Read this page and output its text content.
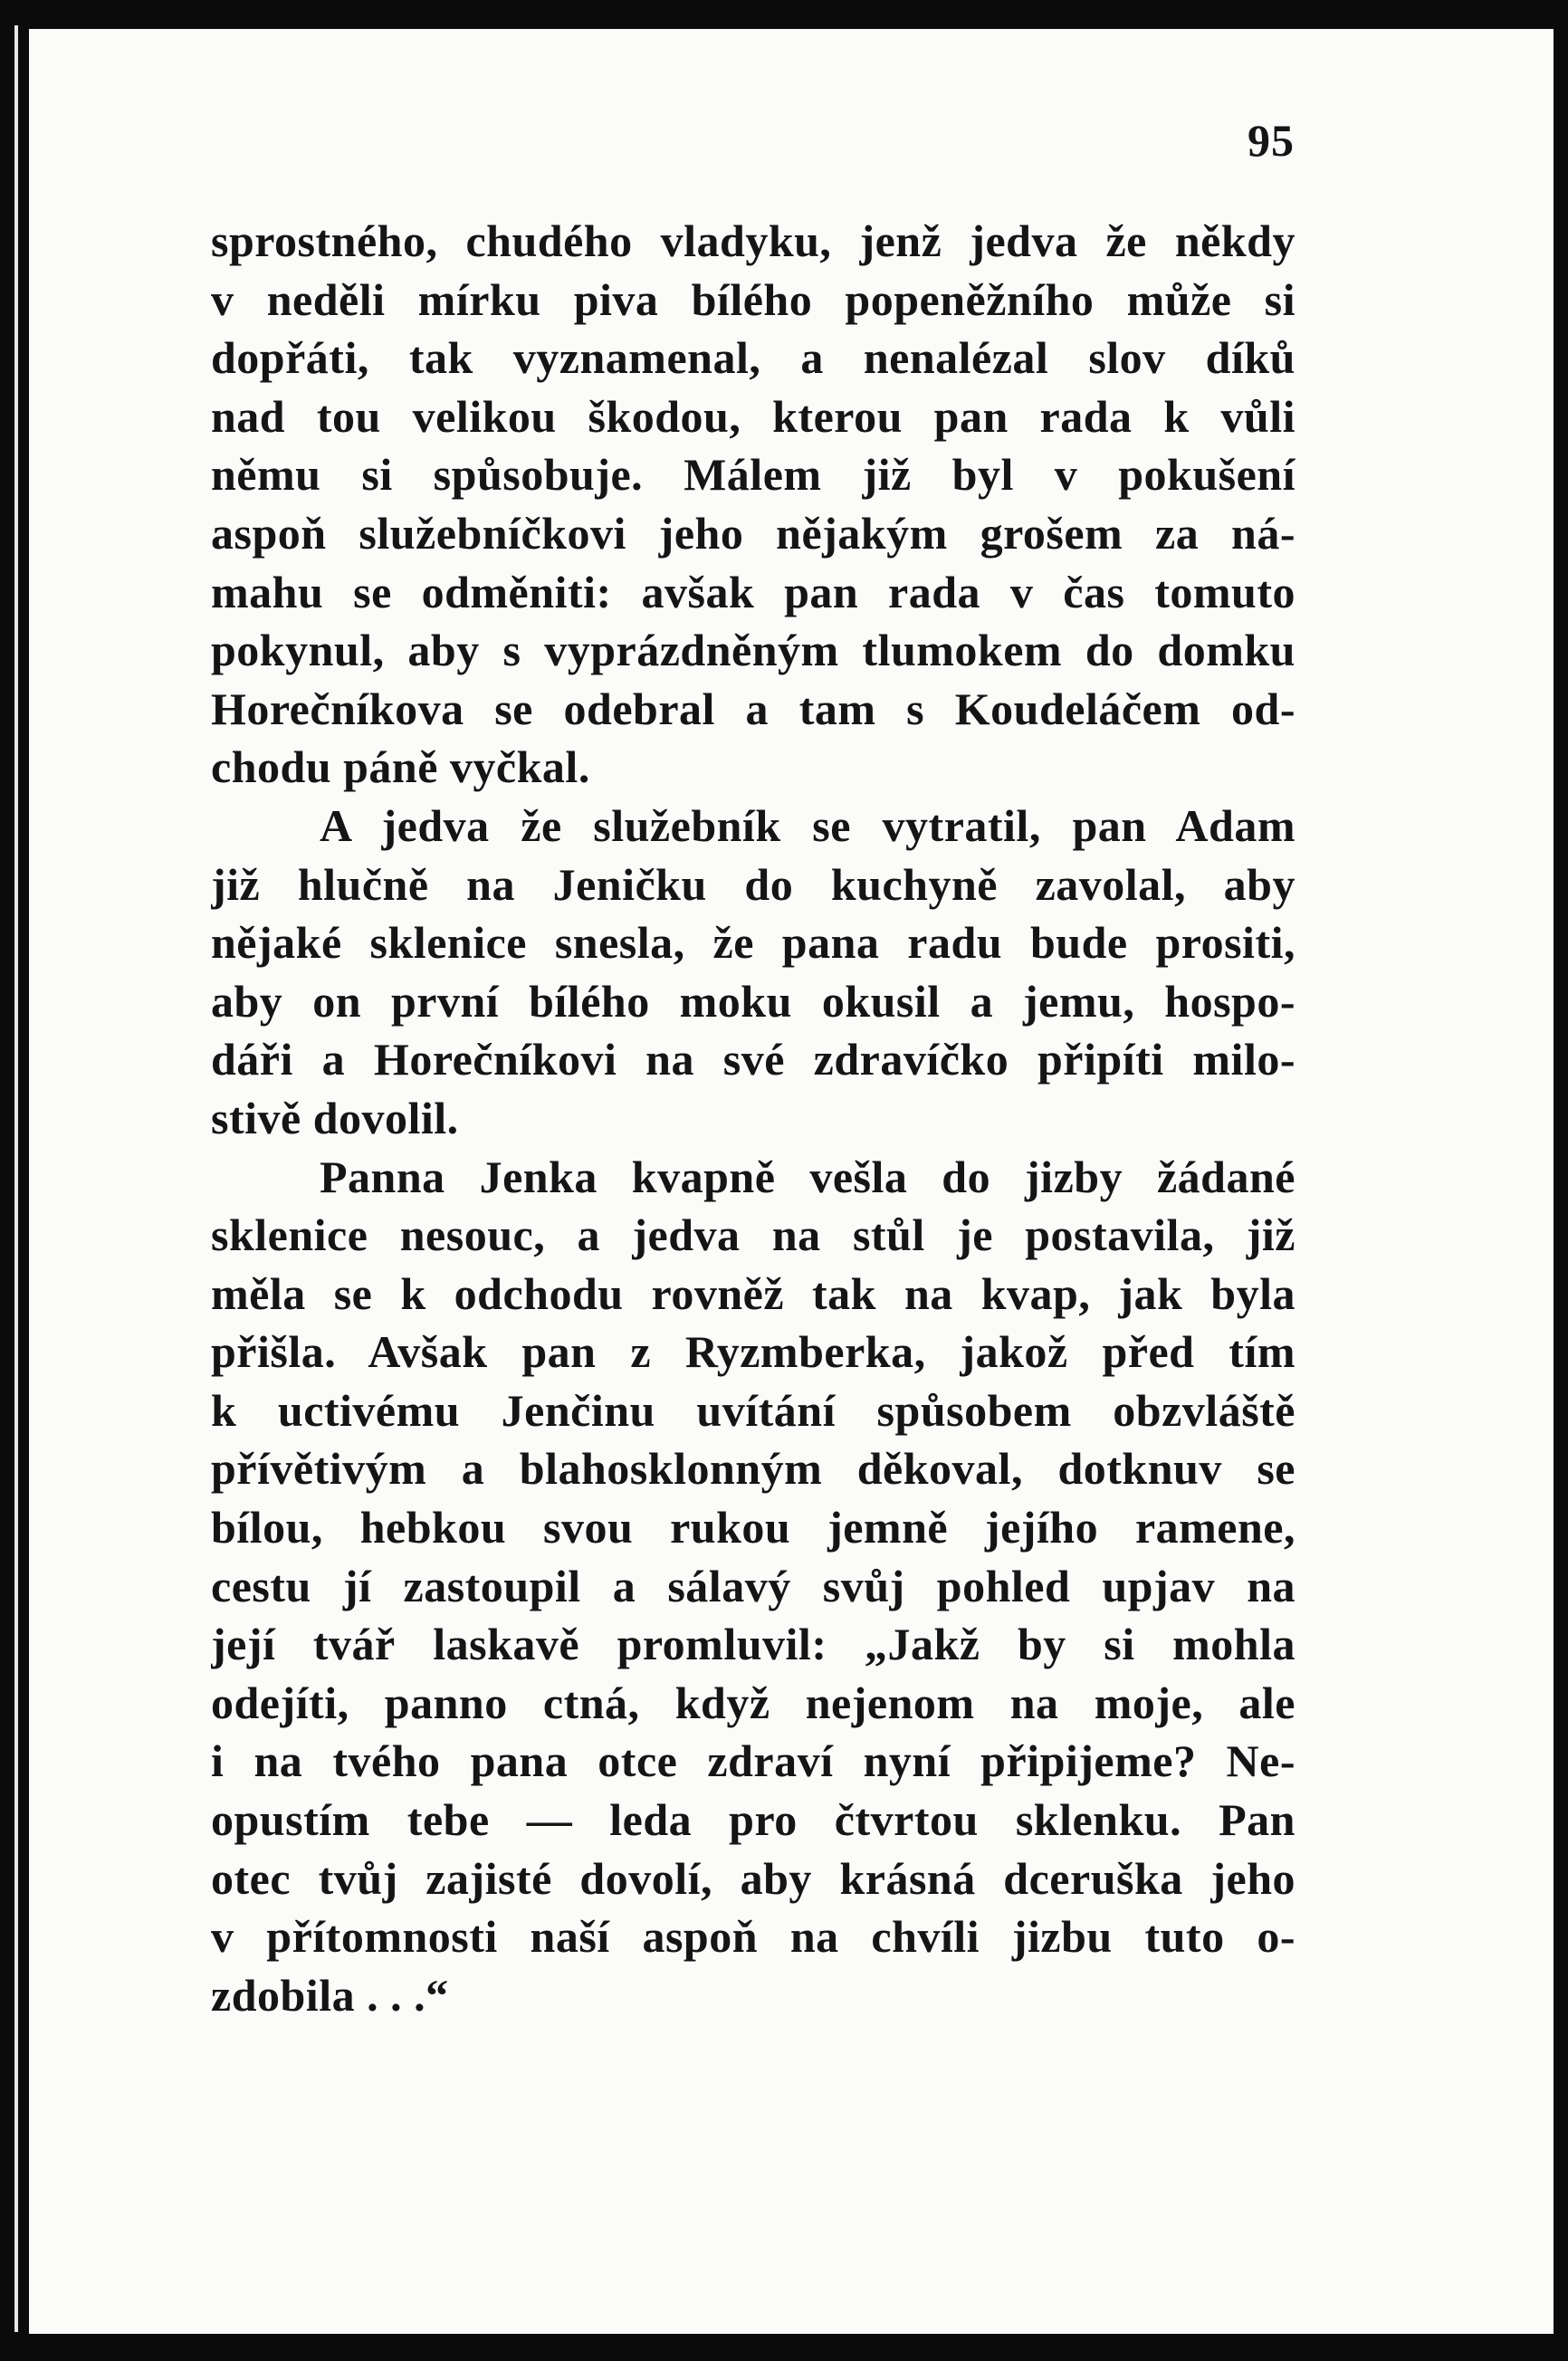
95
sprostného, chudého vladyku, jenž jedva že někdy
v neděli mírku piva bílého popeněžního může si
dopřáti, tak vyznamenal, a nenalézal slov díků
nad tou velikou škodou, kterou pan rada k vůli
němu si spůsobuje. Málem již byl v pokušení
aspoň služebníčkovi jeho nějakým grošem za ná-
mahu se odměniti: avšak pan rada v čas tomuto
pokynul, aby s vyprázdněným tlumokem do domku
Horečníkova se odebral a tam s Koudeláčem od-
chodu páně vyčkal.
A jedva že služebník se vytratil, pan Adam
již hlučně na Jeničku do kuchyně zavolal, aby
nějaké sklenice snesla, že pana radu bude prositi,
aby on první bílého moku okusil a jemu, hospo-
dáři a Horečníkovi na své zdravíčko připíti milo-
stivě dovolil.
Panna Jenka kvapně vešla do jizby žádané
sklenice nesouc, a jedva na stůl je postavila, již
měla se k odchodu rovněž tak na kvap, jak byla
přišla. Avšak pan z Ryzmberka, jakož před tím
k uctivému Jenčinu uvítání spůsobem obzvláště
přívětivým a blahosklonným děkoval, dotknuv se
bílou, hebkou svou rukou jemně jejího ramene,
cestu jí zastoupil a sálavý svůj pohled upjav na
její tvář laskavě promluvil: „Jakž by si mohla
odejíti, panno ctná, když nejenom na moje, ale
i na tvého pana otce zdraví nyní připijeme? Ne-
opustím tebe — leda pro čtvrtou sklenku. Pan
otec tvůj zajisté dovolí, aby krásná dceruška jeho
v přítomnosti naší aspoň na chvíli jizbu tuto o-
zdobila . . .“
